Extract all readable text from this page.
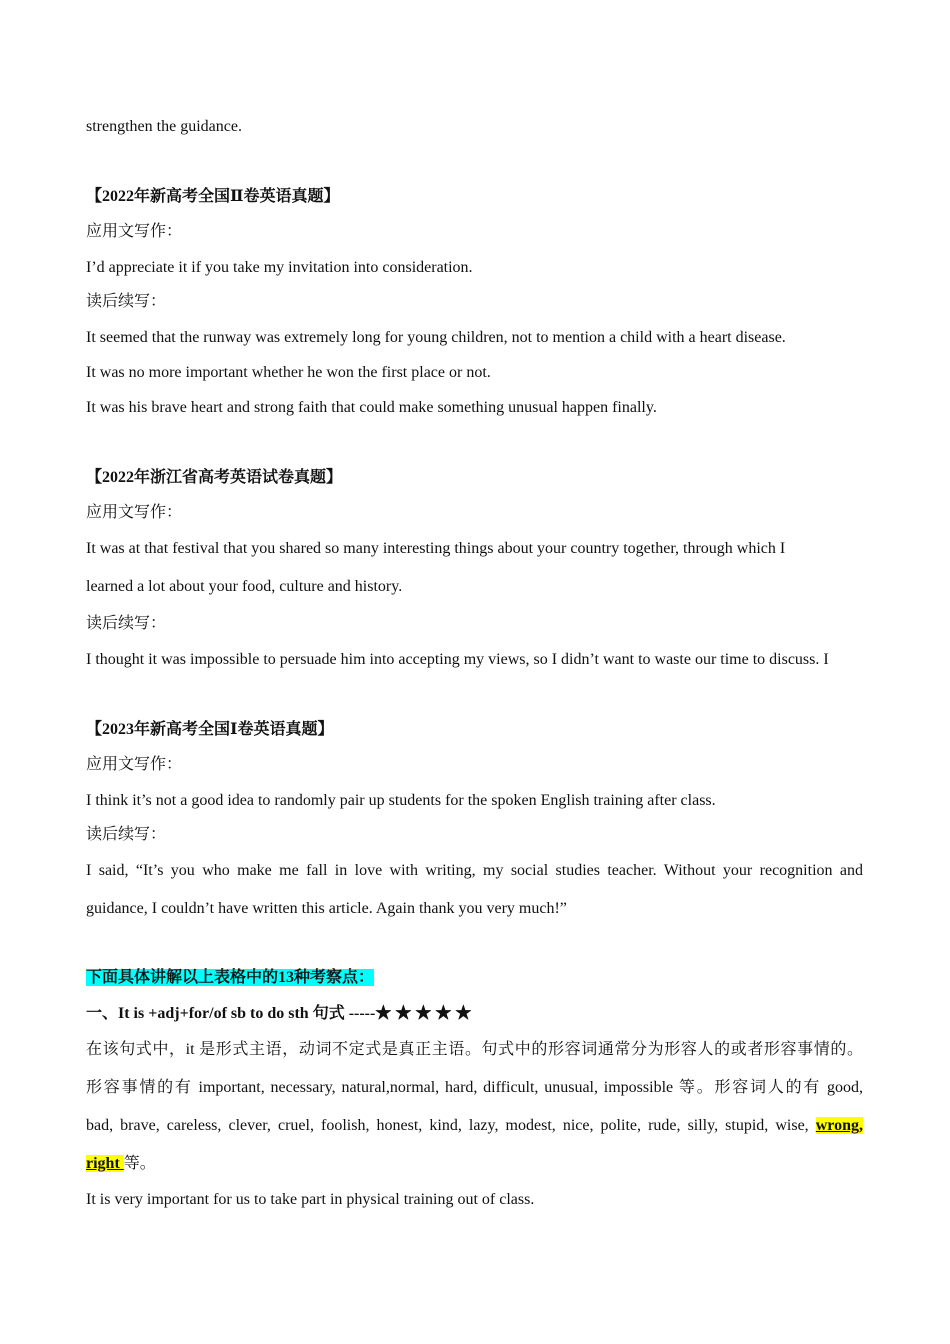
strengthen the guidance.
【2022年新高考全国Ⅱ卷英语真题】
应用文写作：
I’d appreciate it if you take my invitation into consideration.
读后续写：
It seemed that the runway was extremely long for young children, not to mention a child with a heart disease.
It was no more important whether he won the first place or not.
It was his brave heart and strong faith that could make something unusual happen finally.
【2022年浙江省高考英语试卷真题】
应用文写作：
It was at that festival that you shared so many interesting things about your country together, through which I
learned a lot about your food, culture and history.
读后续写：
I thought it was impossible to persuade him into accepting my views, so I didn’t want to waste our time to discuss. I
【2023年新高考全国Ⅰ卷英语真题】
应用文写作：
I think it’s not a good idea to randomly pair up students for the spoken English training after class.
读后续写：
I said, “It’s you who make me fall in love with writing, my social studies teacher. Without your recognition and
guidance, I couldn’t have written this article. Again thank you very much!”
下面具体讲解以上表格中的13种考察点：
一、It is +adj+for/of sb to do sth 句式 -----★ ★ ★ ★ ★
在该句式中，it 是形式主语，动词不定式是真正主语。句式中的形容词通常分为形容人的或者形容事情的。
形容事情的有 important, necessary, natural,normal, hard, difficult, unusual, impossible 等。形容词人的有 good,
bad, brave, careless, clever, cruel, foolish, honest, kind, lazy, modest, nice, polite, rude, silly, stupid, wise, wrong,
right 等。
It is very important for us to take part in physical training out of class.
